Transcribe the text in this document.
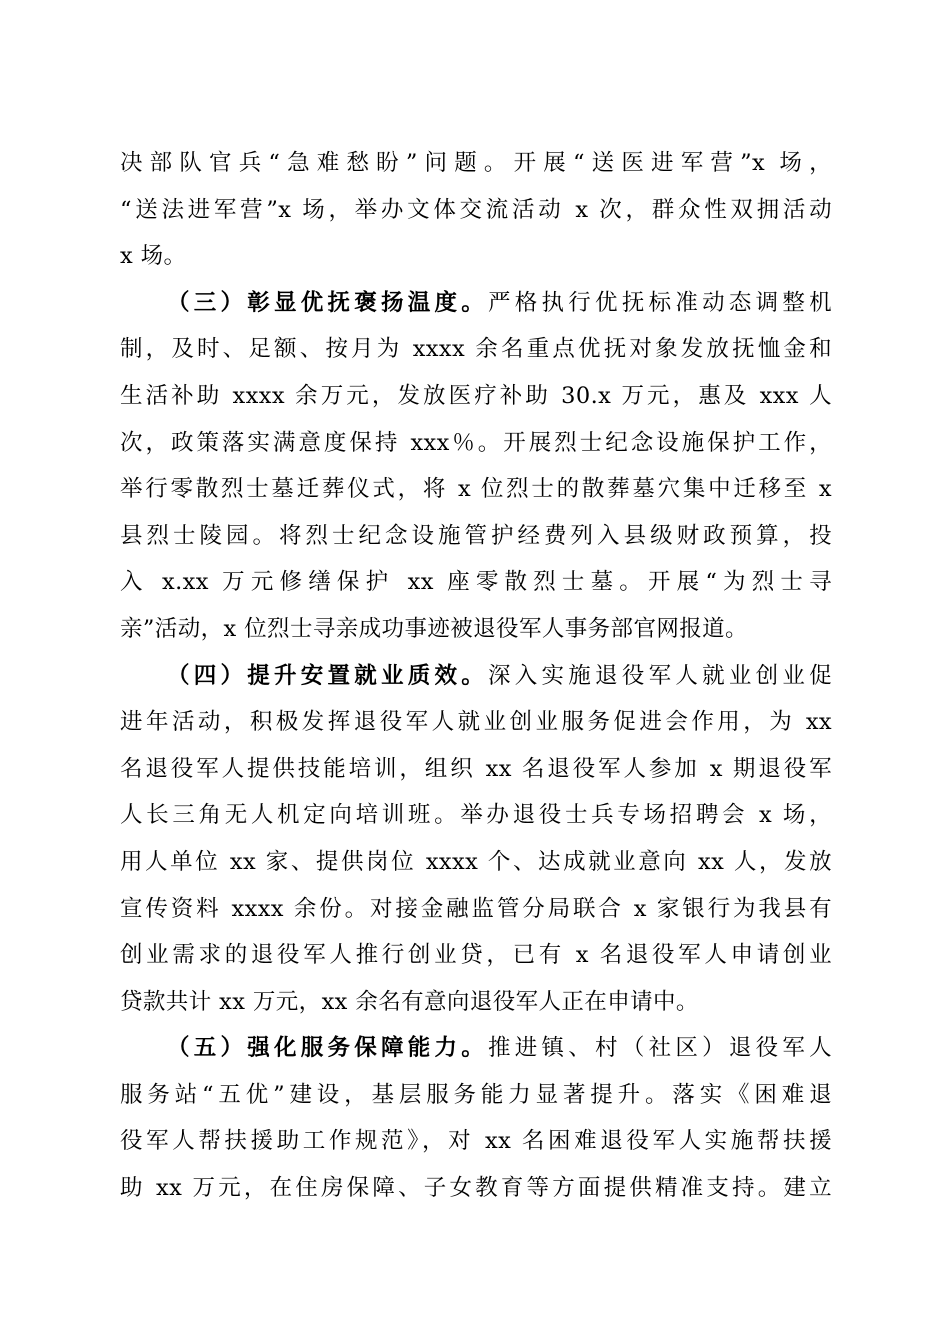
决部队官兵“急难愁盼”问题。开展“送医进军营”x 场，
“送法进军营”x 场，举办文体交流活动 x 次，群众性双拥活动
x 场。
（三）彰显优抚褒扬温度。严格执行优抚标准动态调整机
制，及时、足额、按月为 xxxx 余名重点优抚对象发放抚恤金和
生活补助 xxxx 余万元，发放医疗补助 30.x 万元，惠及 xxx 人
次，政策落实满意度保持 xxx％。开展烈士纪念设施保护工作，
举行零散烈士墓迁葬仪式，将 x 位烈士的散葬墓穴集中迁移至 x
县烈士陵园。将烈士纪念设施管护经费列入县级财政预算，投
入 x.xx 万元修缮保护 xx 座零散烈士墓。开展“为烈士寻
亲”活动，x 位烈士寻亲成功事迹被退役军人事务部官网报道。
（四）提升安置就业质效。深入实施退役军人就业创业促
进年活动，积极发挥退役军人就业创业服务促进会作用，为 xx
名退役军人提供技能培训，组织 xx 名退役军人参加 x 期退役军
人长三角无人机定向培训班。举办退役士兵专场招聘会 x 场，
用人单位 xx 家、提供岗位 xxxx 个、达成就业意向 xx 人，发放
宣传资料 xxxx 余份。对接金融监管分局联合 x 家银行为我县有
创业需求的退役军人推行创业贷，已有 x 名退役军人申请创业
贷款共计 xx 万元，xx 余名有意向退役军人正在申请中。
（五）强化服务保障能力。推进镇、村（社区）退役军人
服务站“五优”建设，基层服务能力显著提升。落实《困难退
役军人帮扶援助工作规范》，对 xx 名困难退役军人实施帮扶援
助 xx 万元，在住房保障、子女教育等方面提供精准支持。建立
